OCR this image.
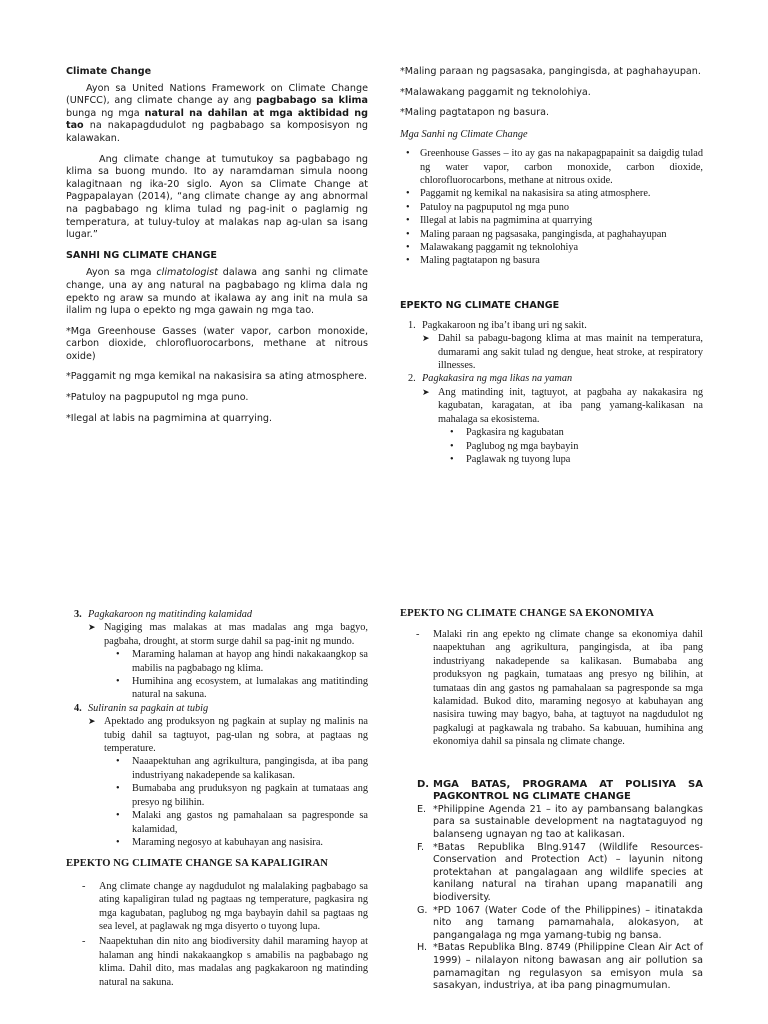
Climate Change

Ayon sa United Nations Framework on Climate Change (UNFCC), ang climate change ay ang pagbabago sa klima bunga ng mga natural na dahilan at mga aktibidad ng tao na nakapagdudulot ng pagbabago sa komposisyon ng kalawakan.

Ang climate change at tumutukoy sa pagbabago ng klima sa buong mundo. Ito ay naramdaman simula noong kalagitnaan ng ika-20 siglo. Ayon sa Climate Change at Pagpapalayan (2014), “ang climate change ay ang abnormal na pagbabago ng klima tulad ng pag-init o paglamig ng temperatura, at tuluy-tuloy at malakas nap ag-ulan sa isang lugar.”

SANHI NG CLIMATE CHANGE

Ayon sa mga climatologist dalawa ang sanhi ng climate change, una ay ang natural na pagbabago ng klima dala ng epekto ng araw sa mundo at ikalawa ay ang init na mula sa ilalim ng lupa o epekto ng mga gawain ng mga tao.

*Mga Greenhouse Gasses (water vapor, carbon monoxide, carbon dioxide, chlorofluorocarbons, methane at nitrous oxide)

*Paggamit ng mga kemikal na nakasisira sa ating atmosphere.

*Patuloy na pagpuputol ng mga puno.

*Ilegal at labis na pagmimina at quarrying.

*Maling paraan ng pagsasaka, pangingisda, at paghahayupan.

*Malawakang paggamit ng teknolohiya.

*Maling pagtatapon ng basura.

Mga Sanhi ng Climate Change
• Greenhouse Gasses – ito ay gas na nakapagpapainit sa daigdig tulad ng water vapor, carbon monoxide, carbon dioxide, chlorofluorocarbons, methane at nitrous oxide.
• Paggamit ng kemikal na nakasisira sa ating atmosphere.
• Patuloy na pagpuputol ng mga puno
• Illegal at labis na pagmimina at quarrying
• Maling paraan ng pagsasaka, pangingisda, at paghahayupan
• Malawakang paggamit ng teknolohiya
• Maling pagtatapon ng basura
EPEKTO NG CLIMATE CHANGE
1. Pagkakaroon ng iba’t ibang uri ng sakit.
➤ Dahil sa pabagu-bagong klima at mas mainit na temperatura, dumarami ang sakit tulad ng dengue, heat stroke, at respiratory illnesses.
2. Pagkakasira ng mga likas na yaman
➤ Ang matinding init, tagtuyot, at pagbaha ay nakakasira ng kagubatan, karagatan, at iba pang yamang-kalikasan na mahalaga sa ekosistema.
• Pagkasira ng kagubatan
• Paglubog ng mga baybayin
• Paglawak ng tuyong lupa
3. Pagkakaroon ng matitinding kalamidad
➤ Nagiging mas malakas at mas madalas ang mga bagyo, pagbaha, drought, at storm surge dahil sa pag-init ng mundo.
• Maraming halaman at hayop ang hindi nakakaangkop sa mabilis na pagbabago ng klima.
• Humihina ang ecosystem, at lumalakas ang matitinding natural na sakuna.
4. Suliranin sa pagkain at tubig
➤ Apektado ang produksyon ng pagkain at suplay ng malinis na tubig dahil sa tagtuyot, pag-ulan ng sobra, at pagtaas ng temperature.
• Naaapektuhan ang agrikultura, pangingisda, at iba pang industriyang nakadepende sa kalikasan.
• Bumababa ang pruduksyon ng pagkain at tumataas ang presyo ng bilihin.
• Malaki ang gastos ng pamahalaan sa pagresponde sa kalamidad,
• Maraming negosyo at kabuhayan ang nasisira.
EPEKTO NG CLIMATE CHANGE SA KAPALIGIRAN
- Ang climate change ay nagdudulot ng malalaking pagbabago sa ating kapaligiran tulad ng pagtaas ng temperature, pagkasira ng mga kagubatan, paglubog ng mga baybayin dahil sa pagtaas ng sea level, at paglawak ng mga disyerto o tuyong lupa.
- Naapektuhan din nito ang biodiversity dahil maraming hayop at halaman ang hindi nakakaangkop s amabilis na pagbabago ng klima. Dahil dito, mas madalas ang pagkakaroon ng matinding natural na sakuna.
EPEKTO NG CLIMATE CHANGE SA EKONOMIYA
- Malaki rin ang epekto ng climate change sa ekonomiya dahil naapektuhan ang agrikultura, pangingisda, at iba pang industriyang nakadepende sa kalikasan. Bumababa ang produksyon ng pagkain, tumataas ang presyo ng bilihin, at tumataas din ang gastos ng pamahalaan sa pagresponde sa mga kalamidad. Bukod dito, maraming negosyo at kabuhayan ang nasisira tuwing may bagyo, baha, at tagtuyot na nagdudulot ng pagkalugi at pagkawala ng trabaho. Sa kabuuan, humihina ang ekonomiya dahil sa pinsala ng climate change.
D. MGA BATAS, PROGRAMA AT POLISIYA SA PAGKONTROL NG CLIMATE CHANGE
E. *Philippine Agenda 21 – ito ay pambansang balangkas para sa sustainable development na nagtataguyod ng balanseng ugnayan ng tao at kalikasan.
F. *Batas Republika Blng.9147 (Wildlife Resources- Conservation and Protection Act) – layunin nitong protektahan at pangalagaan ang wildlife species at kanilang natural na tirahan upang mapanatili ang biodiversity.
G. *PD 1067 (Water Code of the Philippines) – itinatakda nito ang tamang pamamahala, alokasyon, at pangangalaga ng mga yamang-tubig ng bansa.
H. *Batas Republika Blng. 8749 (Philippine Clean Air Act of 1999) – nilalayon nitong bawasan ang air pollution sa pamamagitan ng regulasyon sa emisyon mula sa sasakyan, industriya, at iba pang pinagmumulan.
